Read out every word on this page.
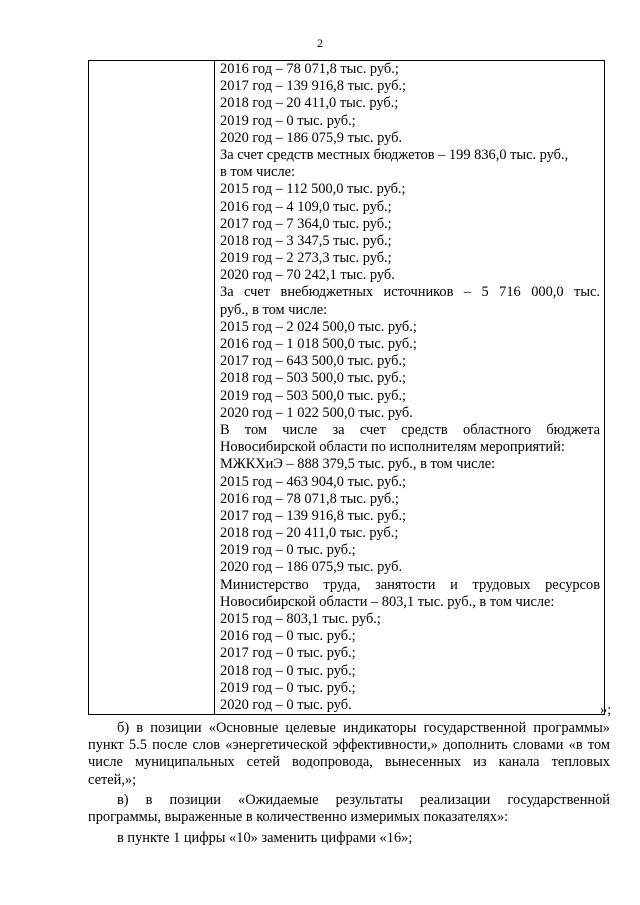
2

2016 год – 78 071,8 тыс. руб.;
2017 год – 139 916,8 тыс. руб.;
2018 год – 20 411,0 тыс. руб.;
2019 год – 0 тыс. руб.;
2020 год – 186 075,9 тыс. руб.
За счет средств местных бюджетов – 199 836,0 тыс. руб.,
в том числе:
2015 год – 112 500,0 тыс. руб.;
2016 год – 4 109,0 тыс. руб.;
2017 год – 7 364,0 тыс. руб.;
2018 год – 3 347,5 тыс. руб.;
2019 год – 2 273,3 тыс. руб.;
2020 год – 70 242,1 тыс. руб.
За счет внебюджетных источников – 5 716 000,0 тыс.
руб., в том числе:
2015 год – 2 024 500,0 тыс. руб.;
2016 год – 1 018 500,0 тыс. руб.;
2017 год – 643 500,0 тыс. руб.;
2018 год – 503 500,0 тыс. руб.;
2019 год – 503 500,0 тыс. руб.;
2020 год – 1 022 500,0 тыс. руб.
В том числе за счет средств областного бюджета
Новосибирской области по исполнителям мероприятий:
МЖКХиЭ – 888 379,5 тыс. руб., в том числе:
2015 год – 463 904,0 тыс. руб.;
2016 год – 78 071,8 тыс. руб.;
2017 год – 139 916,8 тыс. руб.;
2018 год – 20 411,0 тыс. руб.;
2019 год – 0 тыс. руб.;
2020 год – 186 075,9 тыс. руб.
Министерство труда, занятости и трудовых ресурсов
Новосибирской области – 803,1 тыс. руб., в том числе:
2015 год – 803,1 тыс. руб.;
2016 год – 0 тыс. руб.;
2017 год – 0 тыс. руб.;
2018 год – 0 тыс. руб.;
2019 год – 0 тыс. руб.;
2020 год – 0 тыс. руб.	»;
б) в позиции «Основные целевые индикаторы государственной программы»
пункт 5.5 после слов «энергетической эффективности,» дополнить словами «в том
числе муниципальных сетей водопровода, вынесенных из канала тепловых
сетей,»;
в) в позиции «Ожидаемые результаты реализации государственной
программы, выраженные в количественно измеримых показателях»:
в пункте 1 цифры «10» заменить цифрами «16»;
